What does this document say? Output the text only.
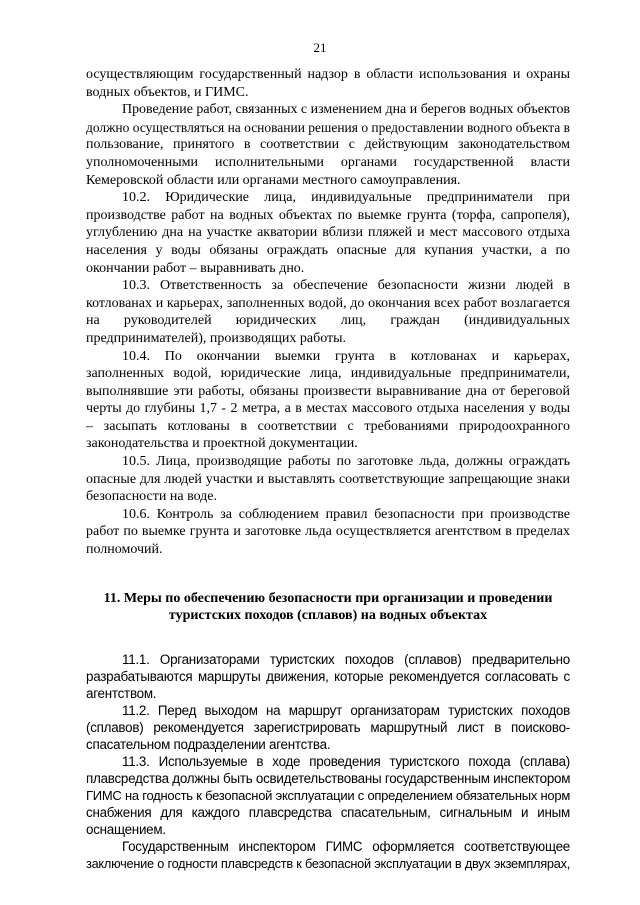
21
осуществляющим государственный надзор в области использования и охраны
водных объектов, и ГИМС.
Проведение работ, связанных с изменением дна и берегов водных объектов
должно осуществляться на основании решения о предоставлении водного объекта в
пользование, принятого в соответствии с действующим законодательством
уполномоченными исполнительными органами государственной власти
Кемеровской области или органами местного самоуправления.
10.2. Юридические лица, индивидуальные предприниматели при
производстве работ на водных объектах по выемке грунта (торфа, сапропеля),
углублению дна на участке акватории вблизи пляжей и мест массового отдыха
населения у воды обязаны ограждать опасные для купания участки, а по
окончании работ – выравнивать дно.
10.3. Ответственность за обеспечение безопасности жизни людей в
котлованах и карьерах, заполненных водой, до окончания всех работ возлагается
на руководителей юридических лиц, граждан (индивидуальных
предпринимателей), производящих работы.
10.4. По окончании выемки грунта в котлованах и карьерах,
заполненных водой, юридические лица, индивидуальные предприниматели,
выполнявшие эти работы, обязаны произвести выравнивание дна от береговой
черты до глубины 1,7 - 2 метра, а в местах массового отдыха населения у воды
– засыпать котлованы в соответствии с требованиями природоохранного
законодательства и проектной документации.
10.5. Лица, производящие работы по заготовке льда, должны ограждать
опасные для людей участки и выставлять соответствующие запрещающие знаки
безопасности на воде.
10.6. Контроль за соблюдением правил безопасности при производстве
работ по выемке грунта и заготовке льда осуществляется агентством в пределах
полномочий.
11. Меры по обеспечению безопасности при организации и проведении
туристских походов (сплавов) на водных объектах
11.1. Организаторами туристских походов (сплавов) предварительно
разрабатываются маршруты движения, которые рекомендуется согласовать с
агентством.
11.2. Перед выходом на маршрут организаторам туристских походов
(сплавов) рекомендуется зарегистрировать маршрутный лист в поисково-
спасательном подразделении агентства.
11.3. Используемые в ходе проведения туристского похода (сплава)
плавсредства должны быть освидетельствованы государственным инспектором
ГИМС на годность к безопасной эксплуатации с определением обязательных норм
снабжения для каждого плавсредства спасательным, сигнальным и иным
оснащением.
Государственным инспектором ГИМС оформляется соответствующее
заключение о годности плавсредств к безопасной эксплуатации в двух экземплярах,
